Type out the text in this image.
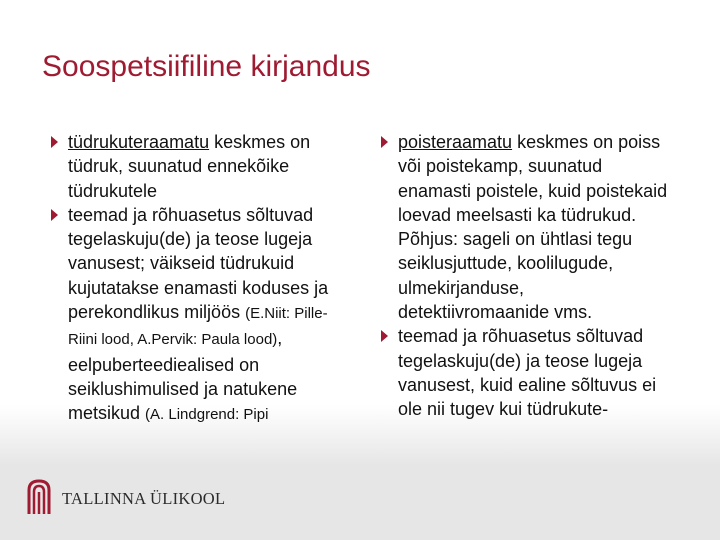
Soospetsiifiline kirjandus
tüdrukuteraamatu keskmes on tüdruk, suunatud ennekõike tüdrukutele
teemad ja rõhuasetus sõltuvad tegelaskuju(de) ja teose lugeja vanusest; väikseid tüdrukuid kujutatakse enamasti koduses ja perekondlikus miljöös (E.Niit: Pille-Riini lood, A.Pervik: Paula lood), eelpuberteediealised on seiklushimulised ja natukene metsikud (A. Lindgrend: Pipi
poisteraamatu keskmes on poiss või poistekamp, suunatud enamasti poistele, kuid poistekaid loevad meelsasti ka tüdrukud. Põhjus: sageli on ühtlasi tegu seiklusjuttude, koolilugude, ulmekirjanduse, detektiivromaanide vms.
teemad ja rõhuasetus sõltuvad tegelaskuju(de) ja teose lugeja vanusest, kuid ealine sõltuvus ei ole nii tugev kui tüdrukute-
TALLINNA ÜLIKOOL
